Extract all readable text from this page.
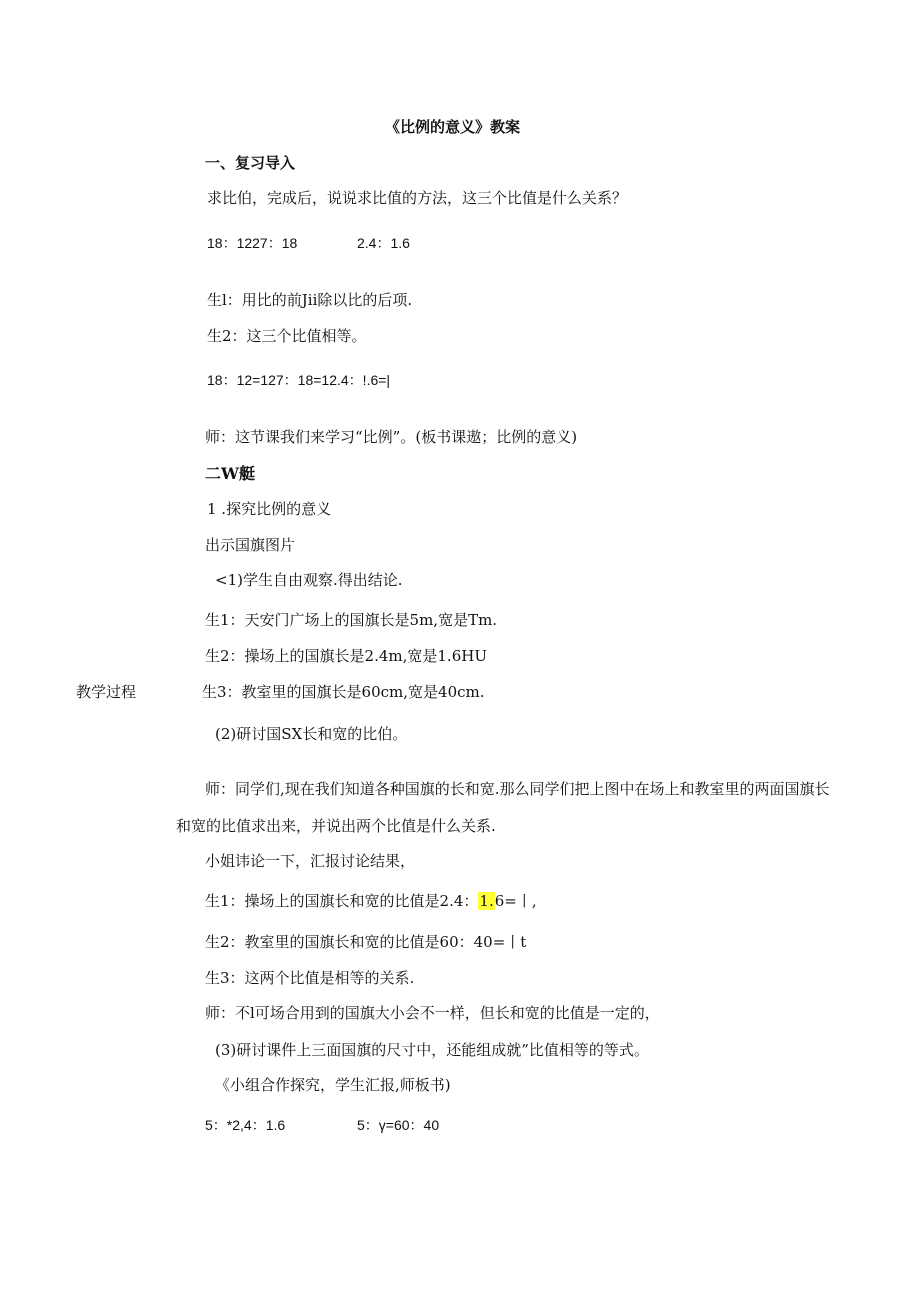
《比例的意义》教案
一、复习导入
求比伯，完成后，说说求比值的方法，这三个比值是什么关系？
18：1227：18	2.4：1.6
生l：用比的前Jii除以比的后项.
生2：这三个比值相等。
18：12=127：18=12.4：!.6=|
师：这节课我们来学习“比例”。(板书课遨；比例的意义)
二W艇
1 .探究比例的意义
出示国旗图片
<1)学生自由观察.得出结论.
生1：天安门广场上的国旗长是5m,宽是Tm.
生2：操场上的国旗长是2.4m,宽是1.6HU
教学过程	生3：教室里的国旗长是60cm,宽是40cm.
(2)研讨国SX长和宽的比伯。
师：同学们,现在我们知道各种国旗的长和宽.那么同学们把上图中在场上和教室里的两面国旗长
和宽的比值求出来，并说出两个比值是什么关系.
小姐讳论一下，汇报讨论结果，
生1：操场上的国旗长和宽的比值是2.4：1.6=丨,
生2：教室里的国旗长和宽的比值是60：40=丨t
生3：这两个比值是相等的关系.
师：不l可场合用到的国旗大小会不一样，但长和宽的比值是一定的，
(3)研讨课件上三面国旗的尺寸中，还能组成就”比值相等的等式。
《小组合作探究，学生汇报,师板书)
5：*2,4：1.6	5：γ=60：40
